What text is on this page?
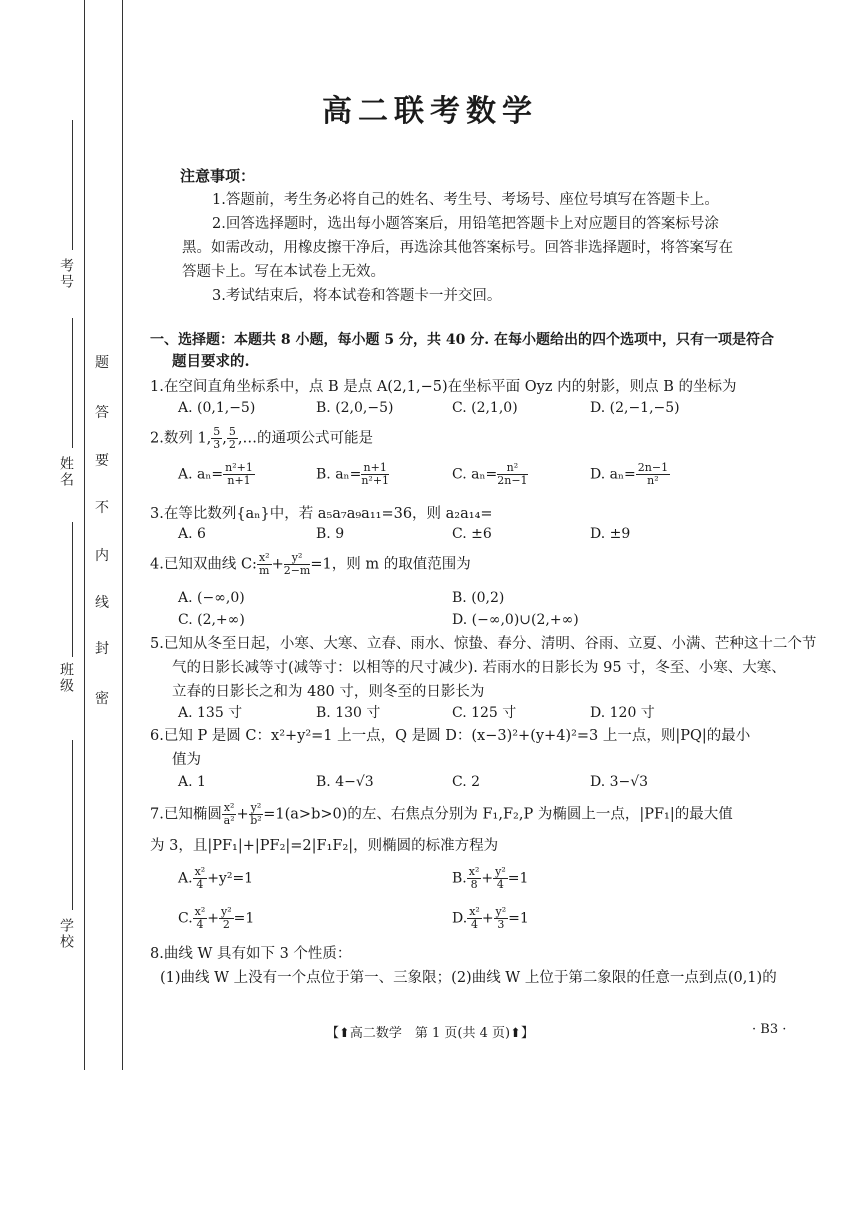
考号
姓名
班级
学校
密
封
线
内
不
要
答
题
高二联考数学
注意事项：
1.答题前，考生务必将自己的姓名、考生号、考场号、座位号填写在答题卡上。
2.回答选择题时，选出每小题答案后，用铅笔把答题卡上对应题目的答案标号涂
黑。如需改动，用橡皮擦干净后，再选涂其他答案标号。回答非选择题时，将答案写在
答题卡上。写在本试卷上无效。
3.考试结束后，将本试卷和答题卡一并交回。
一、选择题：本题共 8 小题，每小题 5 分，共 40 分. 在每小题给出的四个选项中，只有一项是符合
题目要求的.
1.在空间直角坐标系中，点 B 是点 A(2,1,−5)在坐标平面 Oyz 内的射影，则点 B 的坐标为
A. (0,1,−5)	B. (2,0,−5)	C. (2,1,0)	D. (2,−1,−5)
2.数列 1, $\frac{5}{3}$ , $\frac{5}{2}$ ,…的通项公式可能是
A. $a_n= \frac{\text{n²+1}}{n+1}$	B. $a_n= \frac{n+1}{\text{n²+1}}$	C. $a_n= \frac{\text{n²}}{2n-1}$	D. $a_n= \frac{2n-1}{\text{n²}}$
3.在等比数列{aₙ}中，若 a₅a₇a₉a₁₁=36，则 a₂a₁₄=
A. 6	B. 9	C. ±6	D. ±9
4.已知双曲线 C: $\frac{\text{x²}}{m} + \frac{\text{y²}}{2-m} =1$，则 m 的取值范围为
A. (−∞,0)	B. (0,2)
C. (2,+∞)	D. (−∞,0)∪(2,+∞)
5.已知从冬至日起，小寒、大寒、立春、雨水、惊蛰、春分、清明、谷雨、立夏、小满、芒种这十二个节
气的日影长减等寸(减等寸：以相等的尺寸减少). 若雨水的日影长为 95 寸，冬至、小寒、大寒、
立春的日影长之和为 480 寸，则冬至的日影长为
A. 135 寸	B. 130 寸	C. 125 寸	D. 120 寸
6.已知 P 是圆 C：x²+y²=1 上一点，Q 是圆 D：(x−3)²+(y+4)²=3 上一点，则|PQ|的最小
值为
A. 1	B. 4−√3	C. 2	D. 3−√3
7.已知椭圆 $\frac{\text{x²}}{\text{a²}} + \frac{\text{y²}}{\text{b²}} =1(a>b>0)$的左、右焦点分别为 F₁,F₂,P 为椭圆上一点，|PF₁|的最大值
为 3，且|PF₁|+|PF₂|=2|F₁F₂|，则椭圆的标准方程为
A. $\frac{\text{x²}}{4} +y^2=1$	B. $\frac{\text{x²}}{8} + \frac{\text{y²}}{4} =1$
C. $\frac{\text{x²}}{4} + \frac{\text{y²}}{2} =1$	D. $\frac{\text{x²}}{4} + \frac{\text{y²}}{3} =1$
8.曲线 W 具有如下 3 个性质：
(1)曲线 W 上没有一个点位于第一、三象限；(2)曲线 W 上位于第二象限的任意一点到点(0,1)的
【⬆高二数学　第 1 页(共 4 页)⬆】	· B3 ·
